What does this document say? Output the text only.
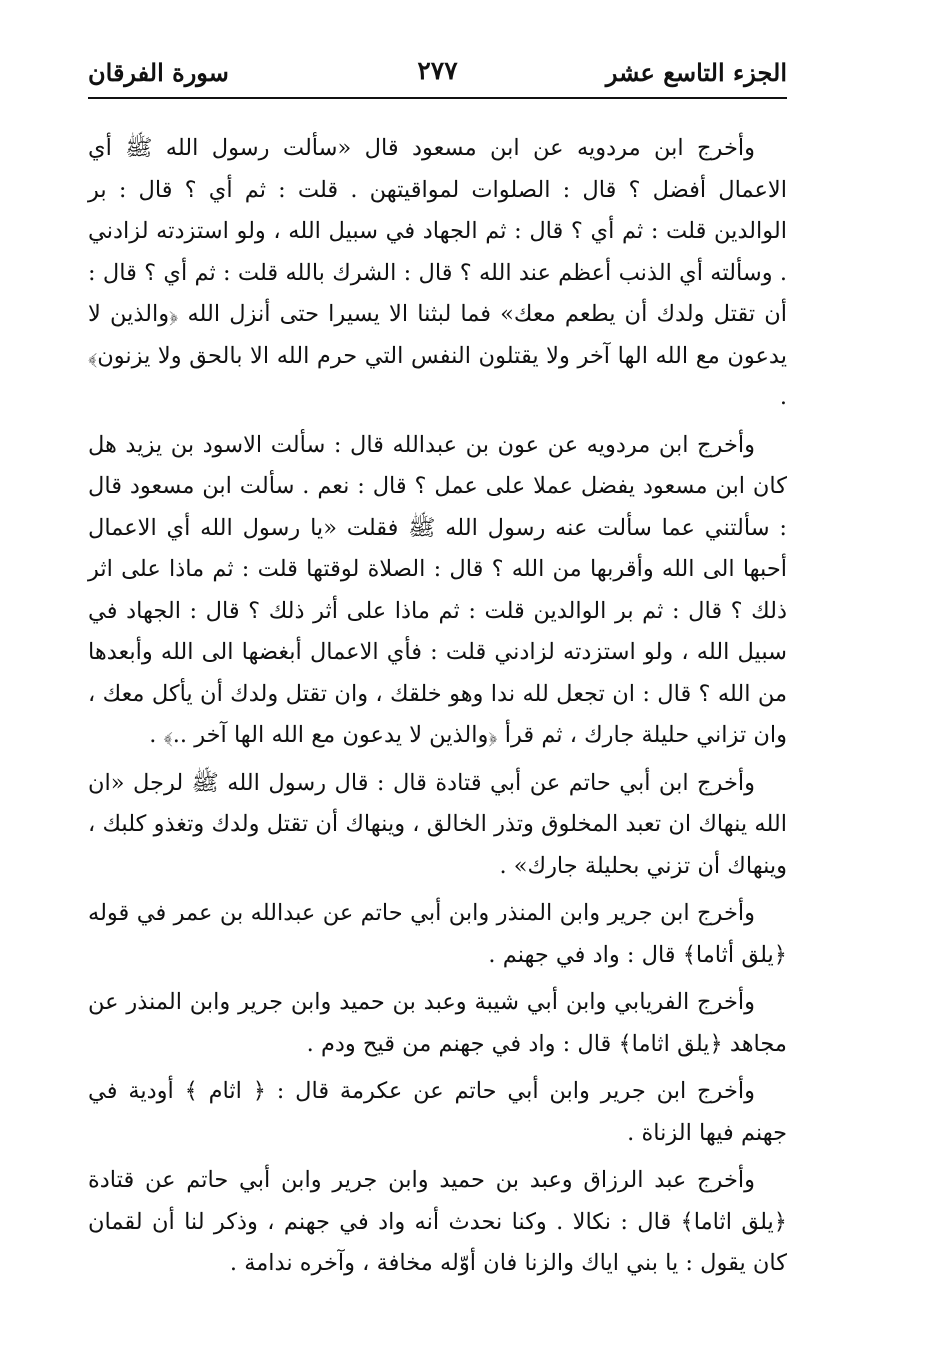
الجزء التاسع عشر
٢٧٧
سورة الفرقان

وأخرج ابن مردويه عن ابن مسعود قال «سألت رسول الله ﷺ أي الاعمال أفضل ؟ قال : الصلوات لمواقيتهن . قلت : ثم أي ؟ قال : بر الوالدين قلت : ثم أي ؟ قال : ثم الجهاد في سبيل الله ، ولو استزدته لزادني . وسألته أي الذنب أعظم عند الله ؟ قال : الشرك بالله قلت : ثم أي ؟ قال : أن تقتل ولدك أن يطعم معك» فما لبثنا الا يسيرا حتى أنزل الله ﴿والذين لا يدعون مع الله الها آخر ولا يقتلون النفس التي حرم الله الا بالحق ولا يزنون﴾ .

وأخرج ابن مردويه عن عون بن عبدالله قال : سألت الاسود بن يزيد هل كان ابن مسعود يفضل عملا على عمل ؟ قال : نعم . سألت ابن مسعود قال : سألتني عما سألت عنه رسول الله ﷺ فقلت «يا رسول الله أي الاعمال أحبها الى الله وأقربها من الله ؟ قال : الصلاة لوقتها قلت : ثم ماذا على اثر ذلك ؟ قال : ثم بر الوالدين قلت : ثم ماذا على أثر ذلك ؟ قال : الجهاد في سبيل الله ، ولو استزدته لزادني قلت : فأي الاعمال أبغضها الى الله وأبعدها من الله ؟ قال : ان تجعل لله ندا وهو خلقك ، وان تقتل ولدك أن يأكل معك ، وان تزاني حليلة جارك ، ثم قرأ ﴿والذين لا يدعون مع الله الها آخر ..﴾ .

وأخرج ابن أبي حاتم عن أبي قتادة قال : قال رسول الله ﷺ لرجل «ان الله ينهاك ان تعبد المخلوق وتذر الخالق ، وينهاك أن تقتل ولدك وتغذو كلبك ، وينهاك أن تزني بحليلة جارك» .

وأخرج ابن جرير وابن المنذر وابن أبي حاتم عن عبدالله بن عمر في قوله ﴿يلق أثاما﴾ قال : واد في جهنم .

وأخرج الفريابي وابن أبي شيبة وعبد بن حميد وابن جرير وابن المنذر عن مجاهد ﴿يلق اثاما﴾ قال : واد في جهنم من قيح ودم .

وأخرج ابن جرير وابن أبي حاتم عن عكرمة قال : ﴿ اثام ﴾ أودية في جهنم فيها الزناة .

وأخرج عبد الرزاق وعبد بن حميد وابن جرير وابن أبي حاتم عن قتادة ﴿يلق اثاما﴾ قال : نكالا . وكنا نحدث أنه واد في جهنم ، وذكر لنا أن لقمان كان يقول : يا بني اياك والزنا فان أوّله مخافة ، وآخره ندامة .
